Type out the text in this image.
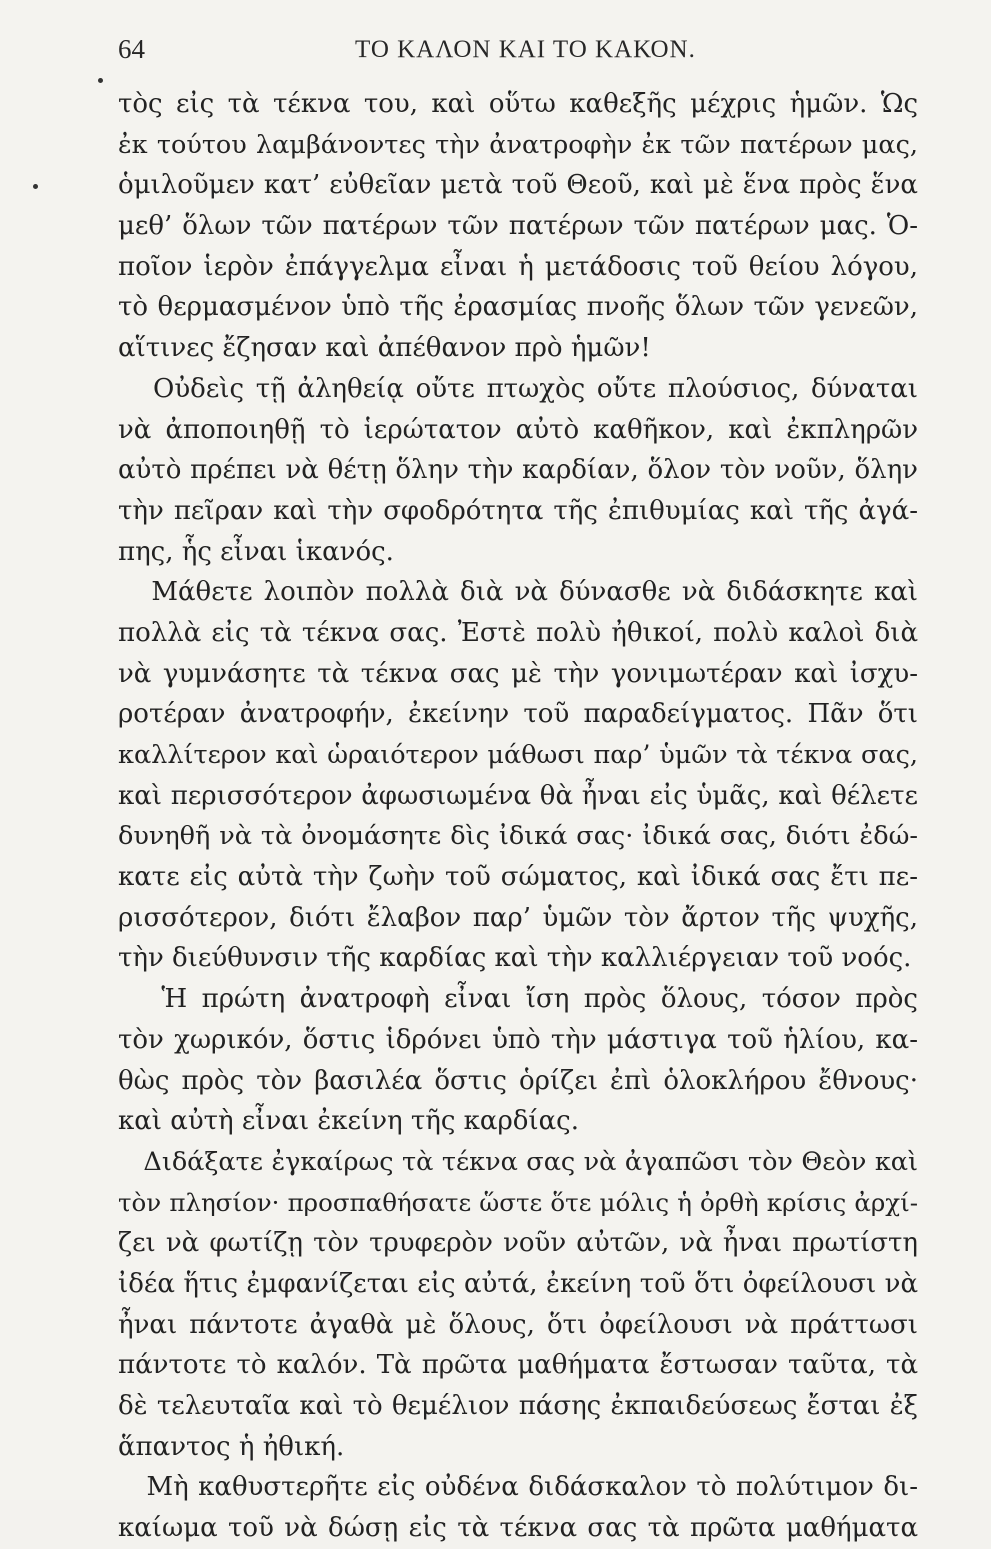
64	ΤΟ ΚΑΛΟΝ ΚΑΙ ΤΟ ΚΑΚΟΝ.
τὸς εἰς τὰ τέκνα του, καὶ οὕτω καθεξῆς μέχρις ἡμῶν. Ὡς
ἐκ τούτου λαμβάνοντες τὴν ἀνατροφὴν ἐκ τῶν πατέρων μας,
ὁμιλοῦμεν κατ’ εὐθεῖαν μετὰ τοῦ Θεοῦ, καὶ μὲ ἕνα πρὸς ἕνα
μεθ’ ὅλων τῶν πατέρων τῶν πατέρων τῶν πατέρων μας. Ὁ-
ποῖον ἱερὸν ἐπάγγελμα εἶναι ἡ μετάδοσις τοῦ θείου λόγου,
τὸ θερμασμένον ὑπὸ τῆς ἐρασμίας πνοῆς ὅλων τῶν γενεῶν,
αἵτινες ἔζησαν καὶ ἀπέθανον πρὸ ἡμῶν!
Οὐδεὶς τῇ ἀληθείᾳ οὔτε πτωχὸς οὔτε πλούσιος, δύναται
νὰ ἀποποιηθῇ τὸ ἱερώτατον αὐτὸ καθῆκον, καὶ ἐκπληρῶν
αὐτὸ πρέπει νὰ θέτῃ ὅλην τὴν καρδίαν, ὅλον τὸν νοῦν, ὅλην
τὴν πεῖραν καὶ τὴν σφοδρότητα τῆς ἐπιθυμίας καὶ τῆς ἀγά-
πης, ἧς εἶναι ἱκανός.
Μάθετε λοιπὸν πολλὰ διὰ νὰ δύνασθε νὰ διδάσκητε καὶ
πολλὰ εἰς τὰ τέκνα σας. Ἐστὲ πολὺ ἠθικοί, πολὺ καλοὶ διὰ
νὰ γυμνάσητε τὰ τέκνα σας μὲ τὴν γονιμωτέραν καὶ ἰσχυ-
ροτέραν ἀνατροφήν, ἐκείνην τοῦ παραδείγματος. Πᾶν ὅτι
καλλίτερον καὶ ὡραιότερον μάθωσι παρ’ ὑμῶν τὰ τέκνα σας,
καὶ περισσότερον ἀφωσιωμένα θὰ ἦναι εἰς ὑμᾶς, καὶ θέλετε
δυνηθῆ νὰ τὰ ὀνομάσητε δὶς ἰδικά σας· ἰδικά σας, διότι ἐδώ-
κατε εἰς αὐτὰ τὴν ζωὴν τοῦ σώματος, καὶ ἰδικά σας ἔτι πε-
ρισσότερον, διότι ἔλαβον παρ’ ὑμῶν τὸν ἄρτον τῆς ψυχῆς,
τὴν διεύθυνσιν τῆς καρδίας καὶ τὴν καλλιέργειαν τοῦ νοός.
Ἡ πρώτη ἀνατροφὴ εἶναι ἴση πρὸς ὅλους, τόσον πρὸς
τὸν χωρικόν, ὅστις ἱδρόνει ὑπὸ τὴν μάστιγα τοῦ ἡλίου, κα-
θὼς πρὸς τὸν βασιλέα ὅστις ὁρίζει ἐπὶ ὁλοκλήρου ἔθνους·
καὶ αὐτὴ εἶναι ἐκείνη τῆς καρδίας.
Διδάξατε ἐγκαίρως τὰ τέκνα σας νὰ ἀγαπῶσι τὸν Θεὸν καὶ
τὸν πλησίον· προσπαθήσατε ὥστε ὅτε μόλις ἡ ὀρθὴ κρίσις ἀρχί-
ζει νὰ φωτίζῃ τὸν τρυφερὸν νοῦν αὐτῶν, νὰ ἦναι πρωτίστη
ἰδέα ἥτις ἐμφανίζεται εἰς αὐτά, ἐκείνη τοῦ ὅτι ὀφείλουσι νὰ
ἦναι πάντοτε ἀγαθὰ μὲ ὅλους, ὅτι ὀφείλουσι νὰ πράττωσι
πάντοτε τὸ καλόν. Τὰ πρῶτα μαθήματα ἔστωσαν ταῦτα, τὰ
δὲ τελευταῖα καὶ τὸ θεμέλιον πάσης ἐκπαιδεύσεως ἔσται ἐξ
ἅπαντος ἡ ἠθική.
Μὴ καθυστερῆτε εἰς οὐδένα διδάσκαλον τὸ πολύτιμον δι-
καίωμα τοῦ νὰ δώσῃ εἰς τὰ τέκνα σας τὰ πρῶτα μαθήματα
